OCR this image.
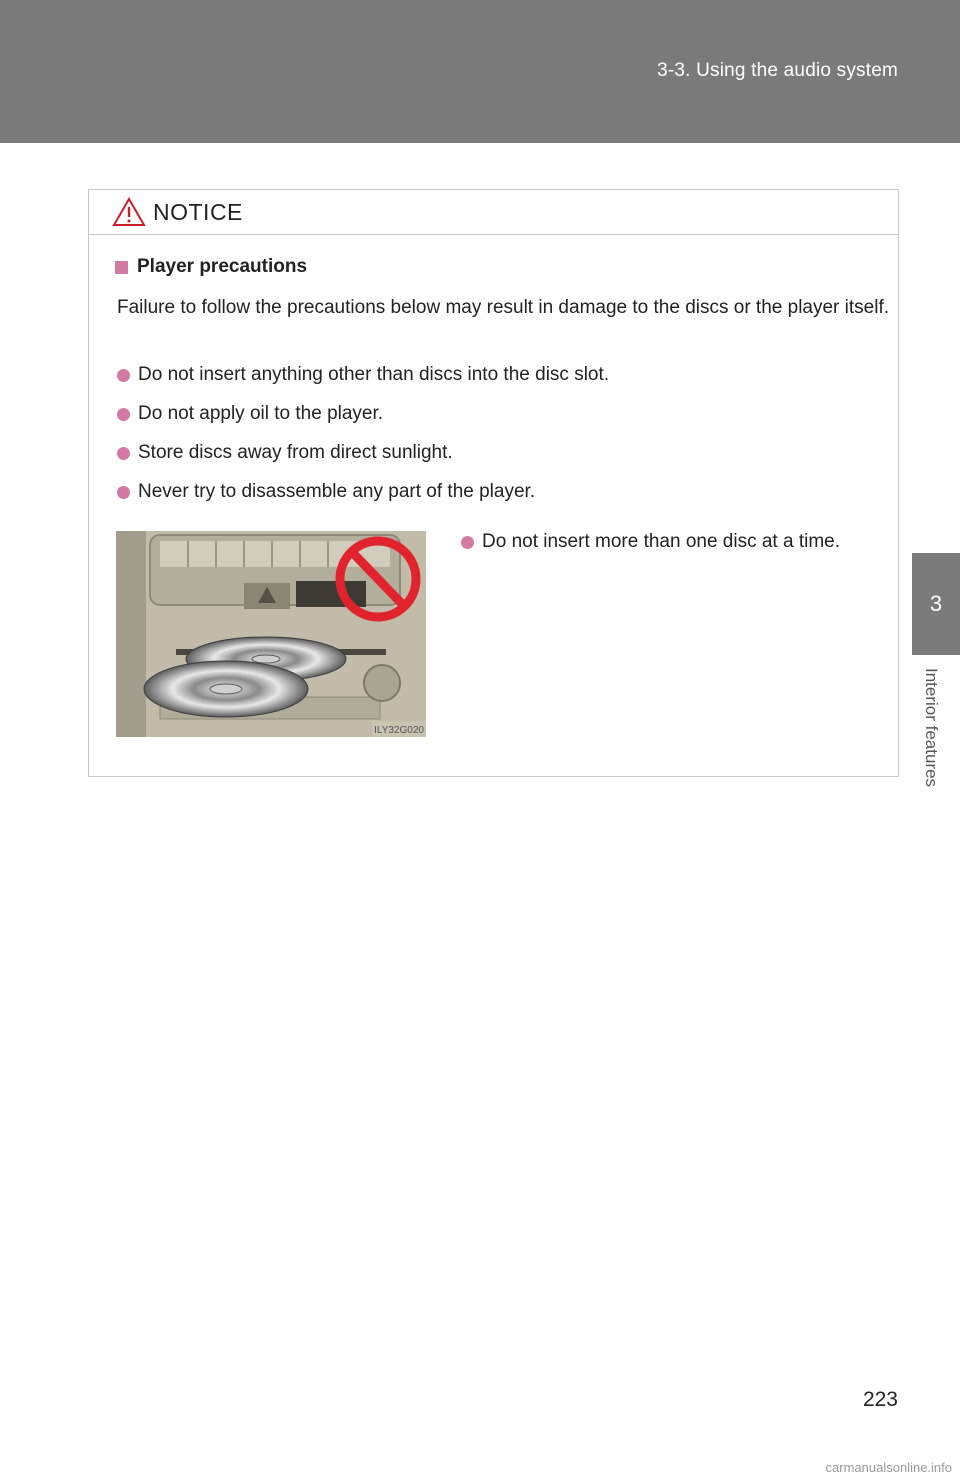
3-3. Using the audio system
3
Interior features
NOTICE
Player precautions
Failure to follow the precautions below may result in damage to the discs or the player itself.
Do not insert anything other than discs into the disc slot.
Do not apply oil to the player.
Store discs away from direct sunlight.
Never try to disassemble any part of the player.
ILY32G020
Do not insert more than one disc at a time.
223
carmanualsonline.info
